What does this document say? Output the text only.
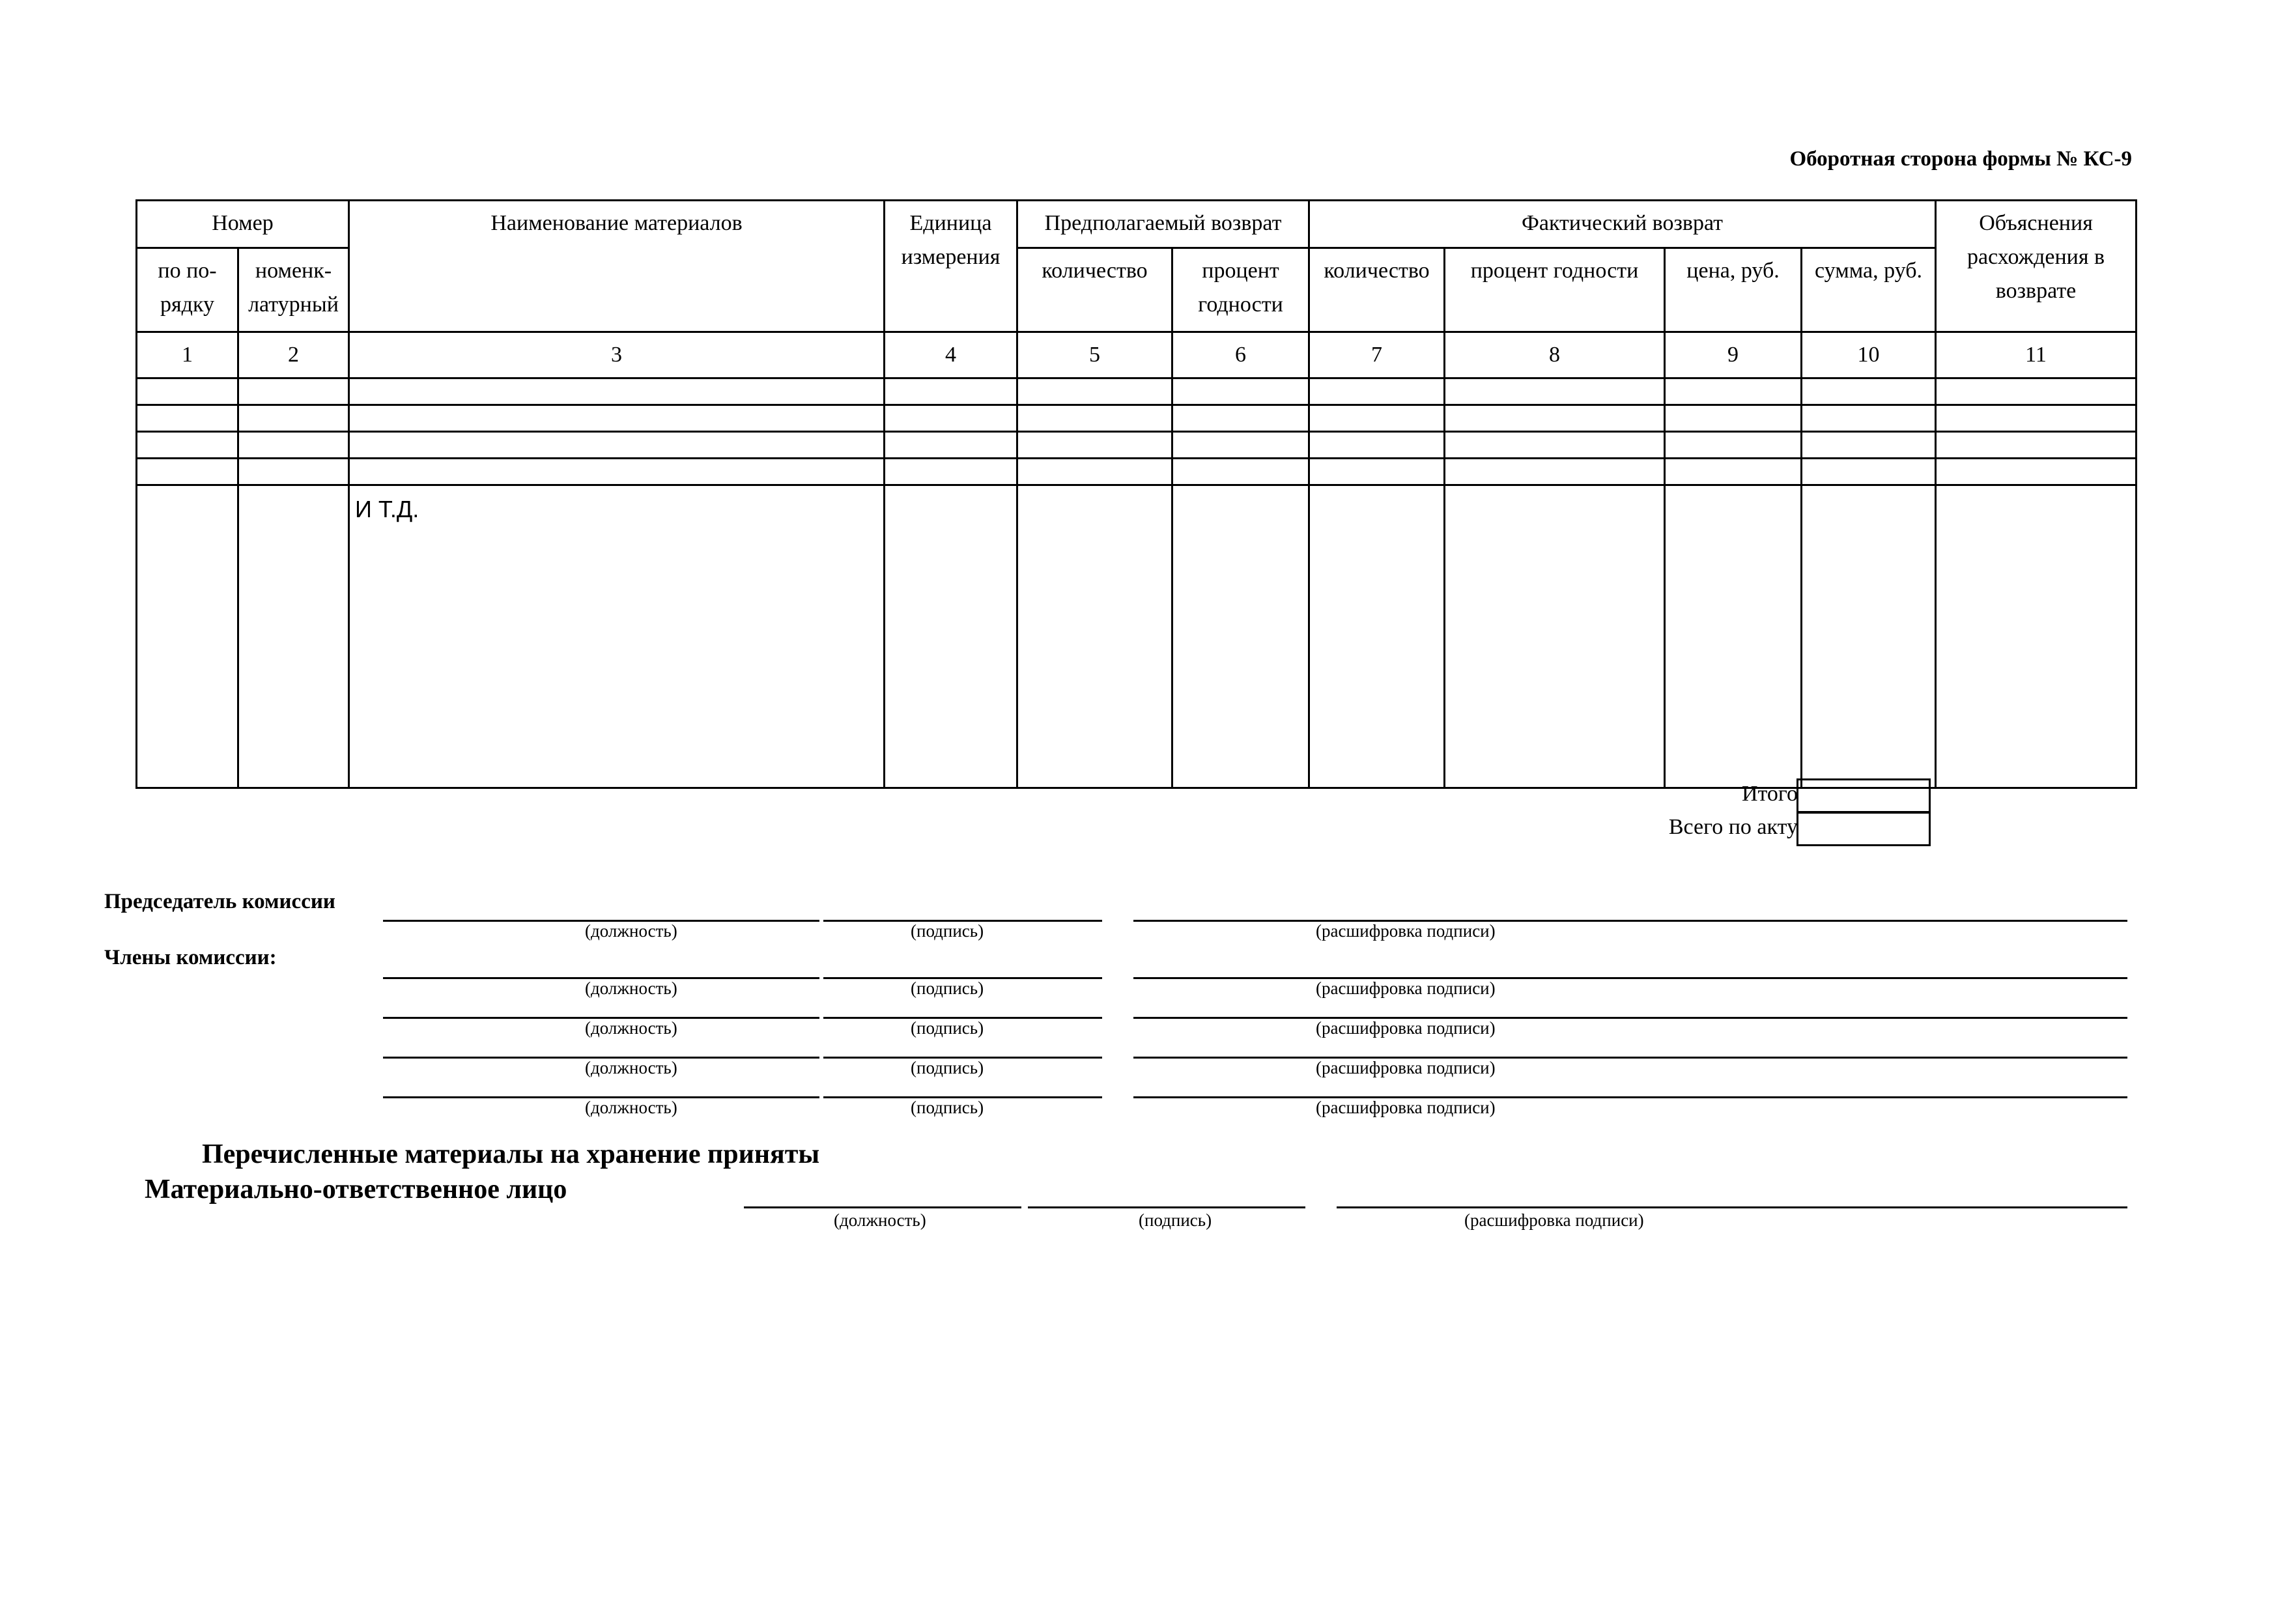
Оборотная сторона формы № КС-9
Номер		Наименование материалов	Единица измерения	Предполагаемый возврат		Фактический возврат				Объяснения расхождения в возврате
по по-рядку	номенк-латурный			количество	процент годности	количество	процент годности	цена, руб.	сумма, руб.	
1	2	3	4	5	6	7	8	9	10	11

		И Т.Д.								
Итого
Всего по акту
Председатель комиссии
Члены комиссии:
(должность)	(подпись)	(расшифровка подписи)
(должность)	(подпись)	(расшифровка подписи)
(должность)	(подпись)	(расшифровка подписи)
(должность)	(подпись)	(расшифровка подписи)
(должность)	(подпись)	(расшифровка подписи)
Перечисленные материалы на хранение приняты
Материально-ответственное лицо
(должность)	(подпись)	(расшифровка подписи)
